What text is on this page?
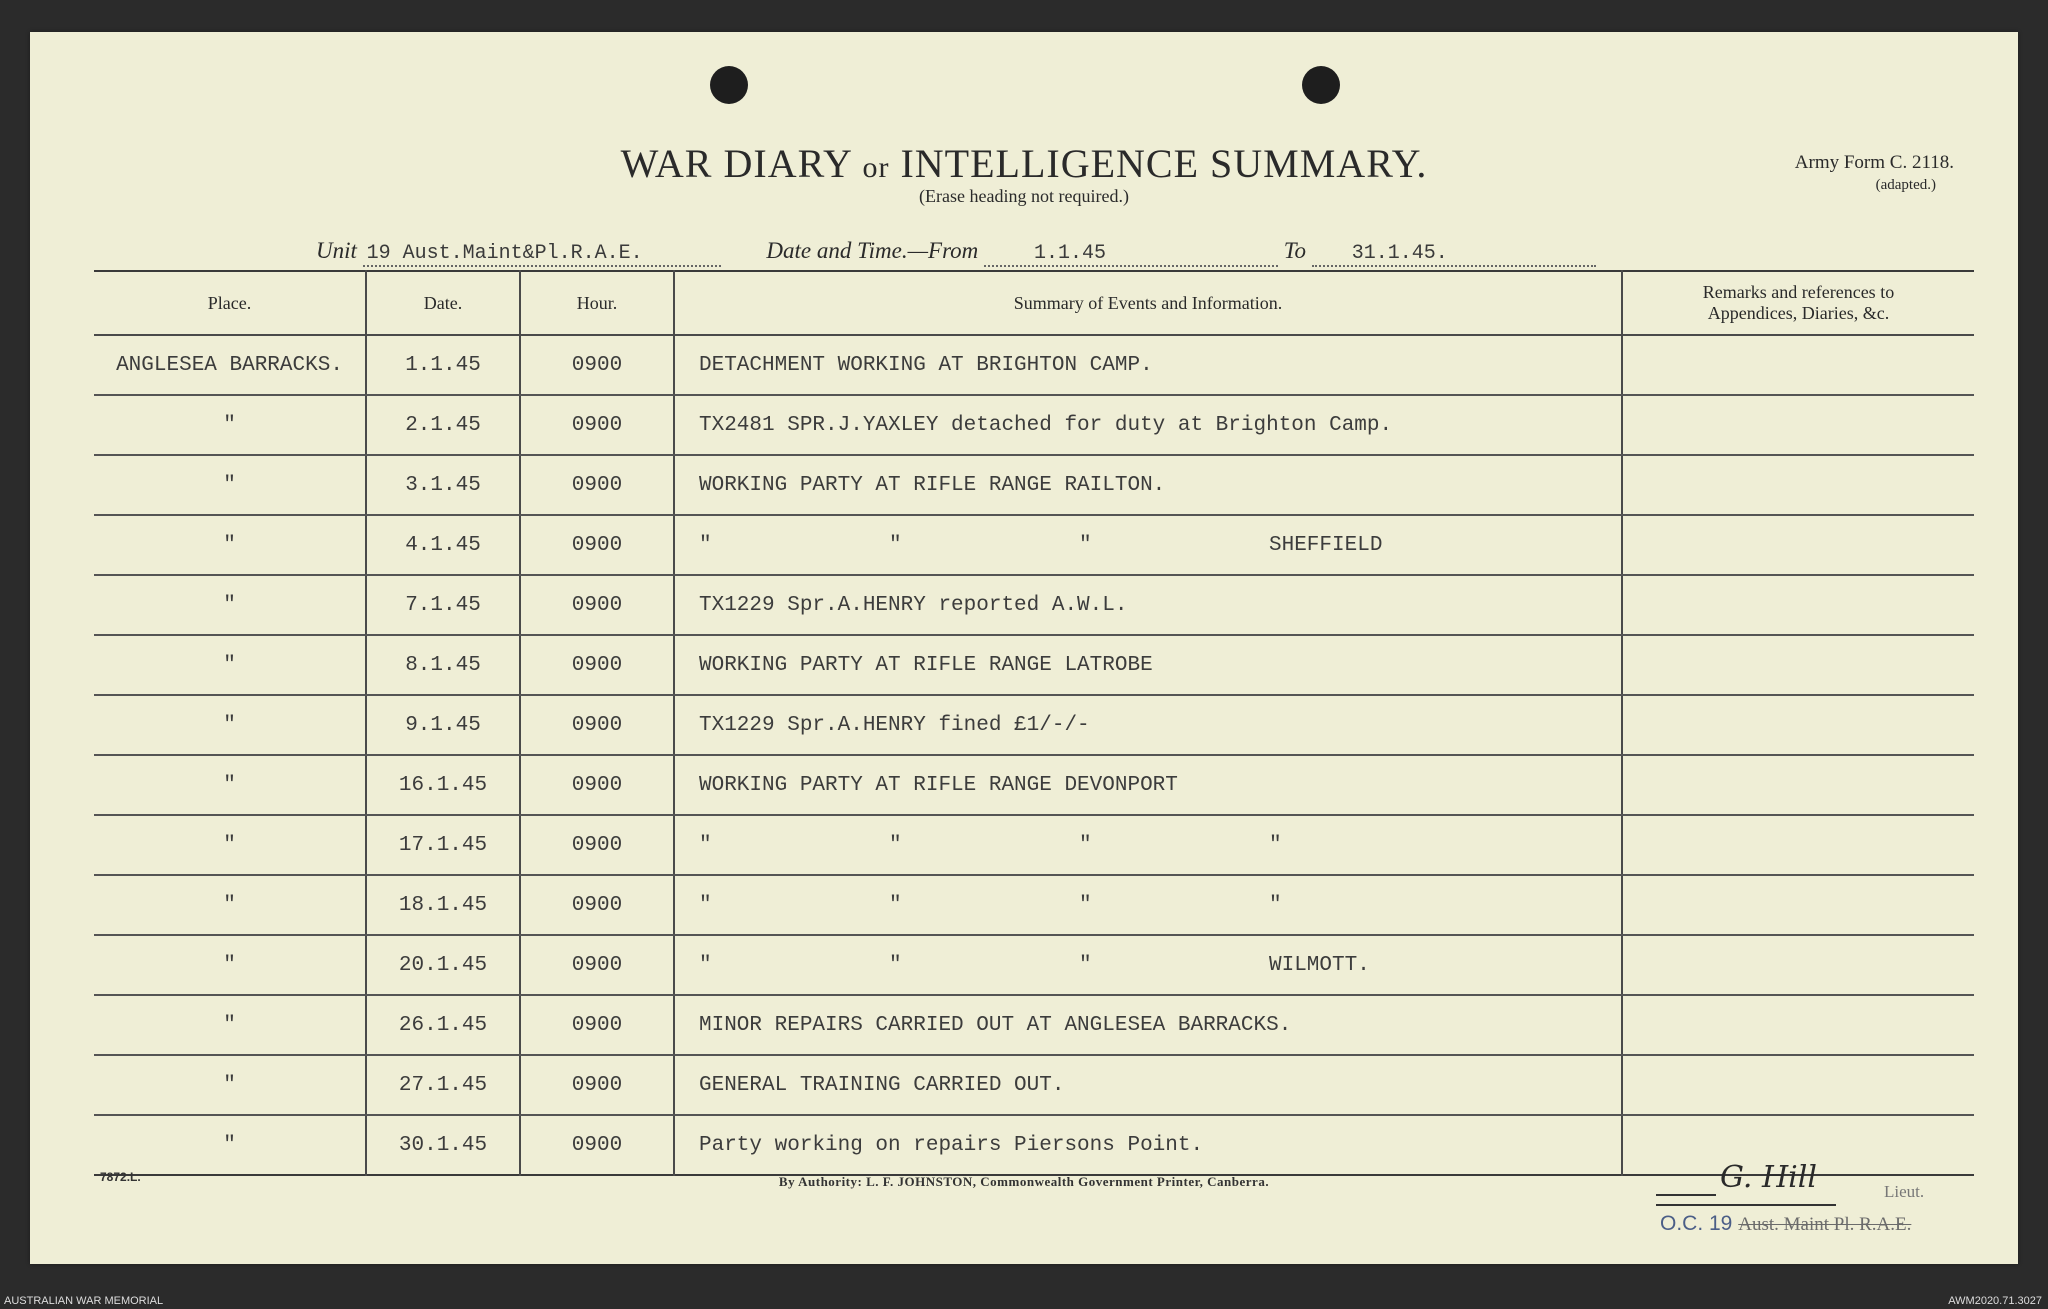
WAR DIARY or INTELLIGENCE SUMMARY.
(Erase heading not required.)
Army Form C. 2118.
(adapted.)
Unit 19 Aust.Maint&Pl.R.A.E.	Date and Time.—From	1.1.45	To 31.1.45.
Place.	Date.	Hour.	Summary of Events and Information.	Remarks and references to
Appendices, Diaries, &c.
ANGLESEA BARRACKS.	1.1.45	0900	DETACHMENT WORKING AT BRIGHTON CAMP.	
"	2.1.45	0900	TX2481 SPR.J.YAXLEY detached for duty at Brighton Camp.	
"	3.1.45	0900	WORKING PARTY AT RIFLE RANGE RAILTON.	
"	4.1.45	0900	" " " SHEFFIELD	
"	7.1.45	0900	TX1229 Spr.A.HENRY reported A.W.L.	
"	8.1.45	0900	WORKING PARTY AT RIFLE RANGE LATROBE	
"	9.1.45	0900	TX1229 Spr.A.HENRY fined £1/-/-	
"	16.1.45	0900	WORKING PARTY AT RIFLE RANGE DEVONPORT	
"	17.1.45	0900	" " " "	
"	18.1.45	0900	" " " "	
"	20.1.45	0900	" " " WILMOTT.	
"	26.1.45	0900	MINOR REPAIRS CARRIED OUT AT ANGLESEA BARRACKS.	
"	27.1.45	0900	GENERAL TRAINING CARRIED OUT.	
"	30.1.45	0900	Party working on repairs Piersons Point.	
7872.L.	By Authority: L. F. JOHNSTON, Commonwealth Government Printer, Canberra.	G. Hill	Lieut.
O.C. 19 Aust. Maint Pl. R.A.E.
AUSTRALIAN WAR MEMORIAL	AWM2020.71.3027
